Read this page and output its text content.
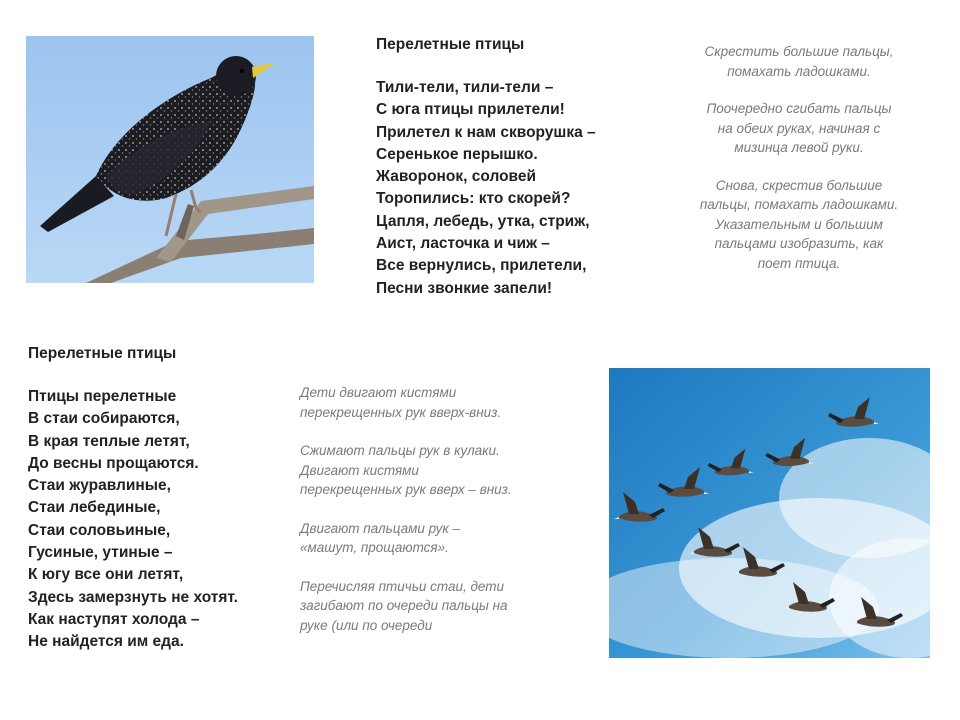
Перелетные птицы
Тили-тели, тили-тели –
С юга птицы прилетели!
Прилетел к нам скворушка –
Серенькое перышко.
Жаворонок, соловей
Торопились: кто скорей?
Цапля, лебедь, утка, стриж,
Аист, ласточка и чиж –
Все вернулись, прилетели,
Песни звонкие запели!

Скрестить большие пальцы,
помахать ладошками.

Поочередно сгибать пальцы
на обеих руках, начиная с
мизинца левой руки.

Снова, скрестив большие
пальцы, помахать ладошками.
Указательным и большим
пальцами изобразить, как
поет птица.

Перелетные птицы
Птицы перелетные
В стаи собираются,
В края теплые летят,
До весны прощаются.
Стаи журавлиные,
Стаи лебединые,
Стаи соловьиные,
Гусиные, утиные –
К югу все они летят,
Здесь замерзнуть не хотят.
Как наступят холода –
Не найдется им еда.

Дети двигают кистями
перекрещенных рук вверх-вниз.

Сжимают пальцы рук в кулаки.
Двигают кистями
перекрещенных рук вверх – вниз.

Двигают пальцами рук –
«машут, прощаются».

Перечисляя птичьи стаи, дети
загибают по очереди пальцы на
руке (или по очереди
